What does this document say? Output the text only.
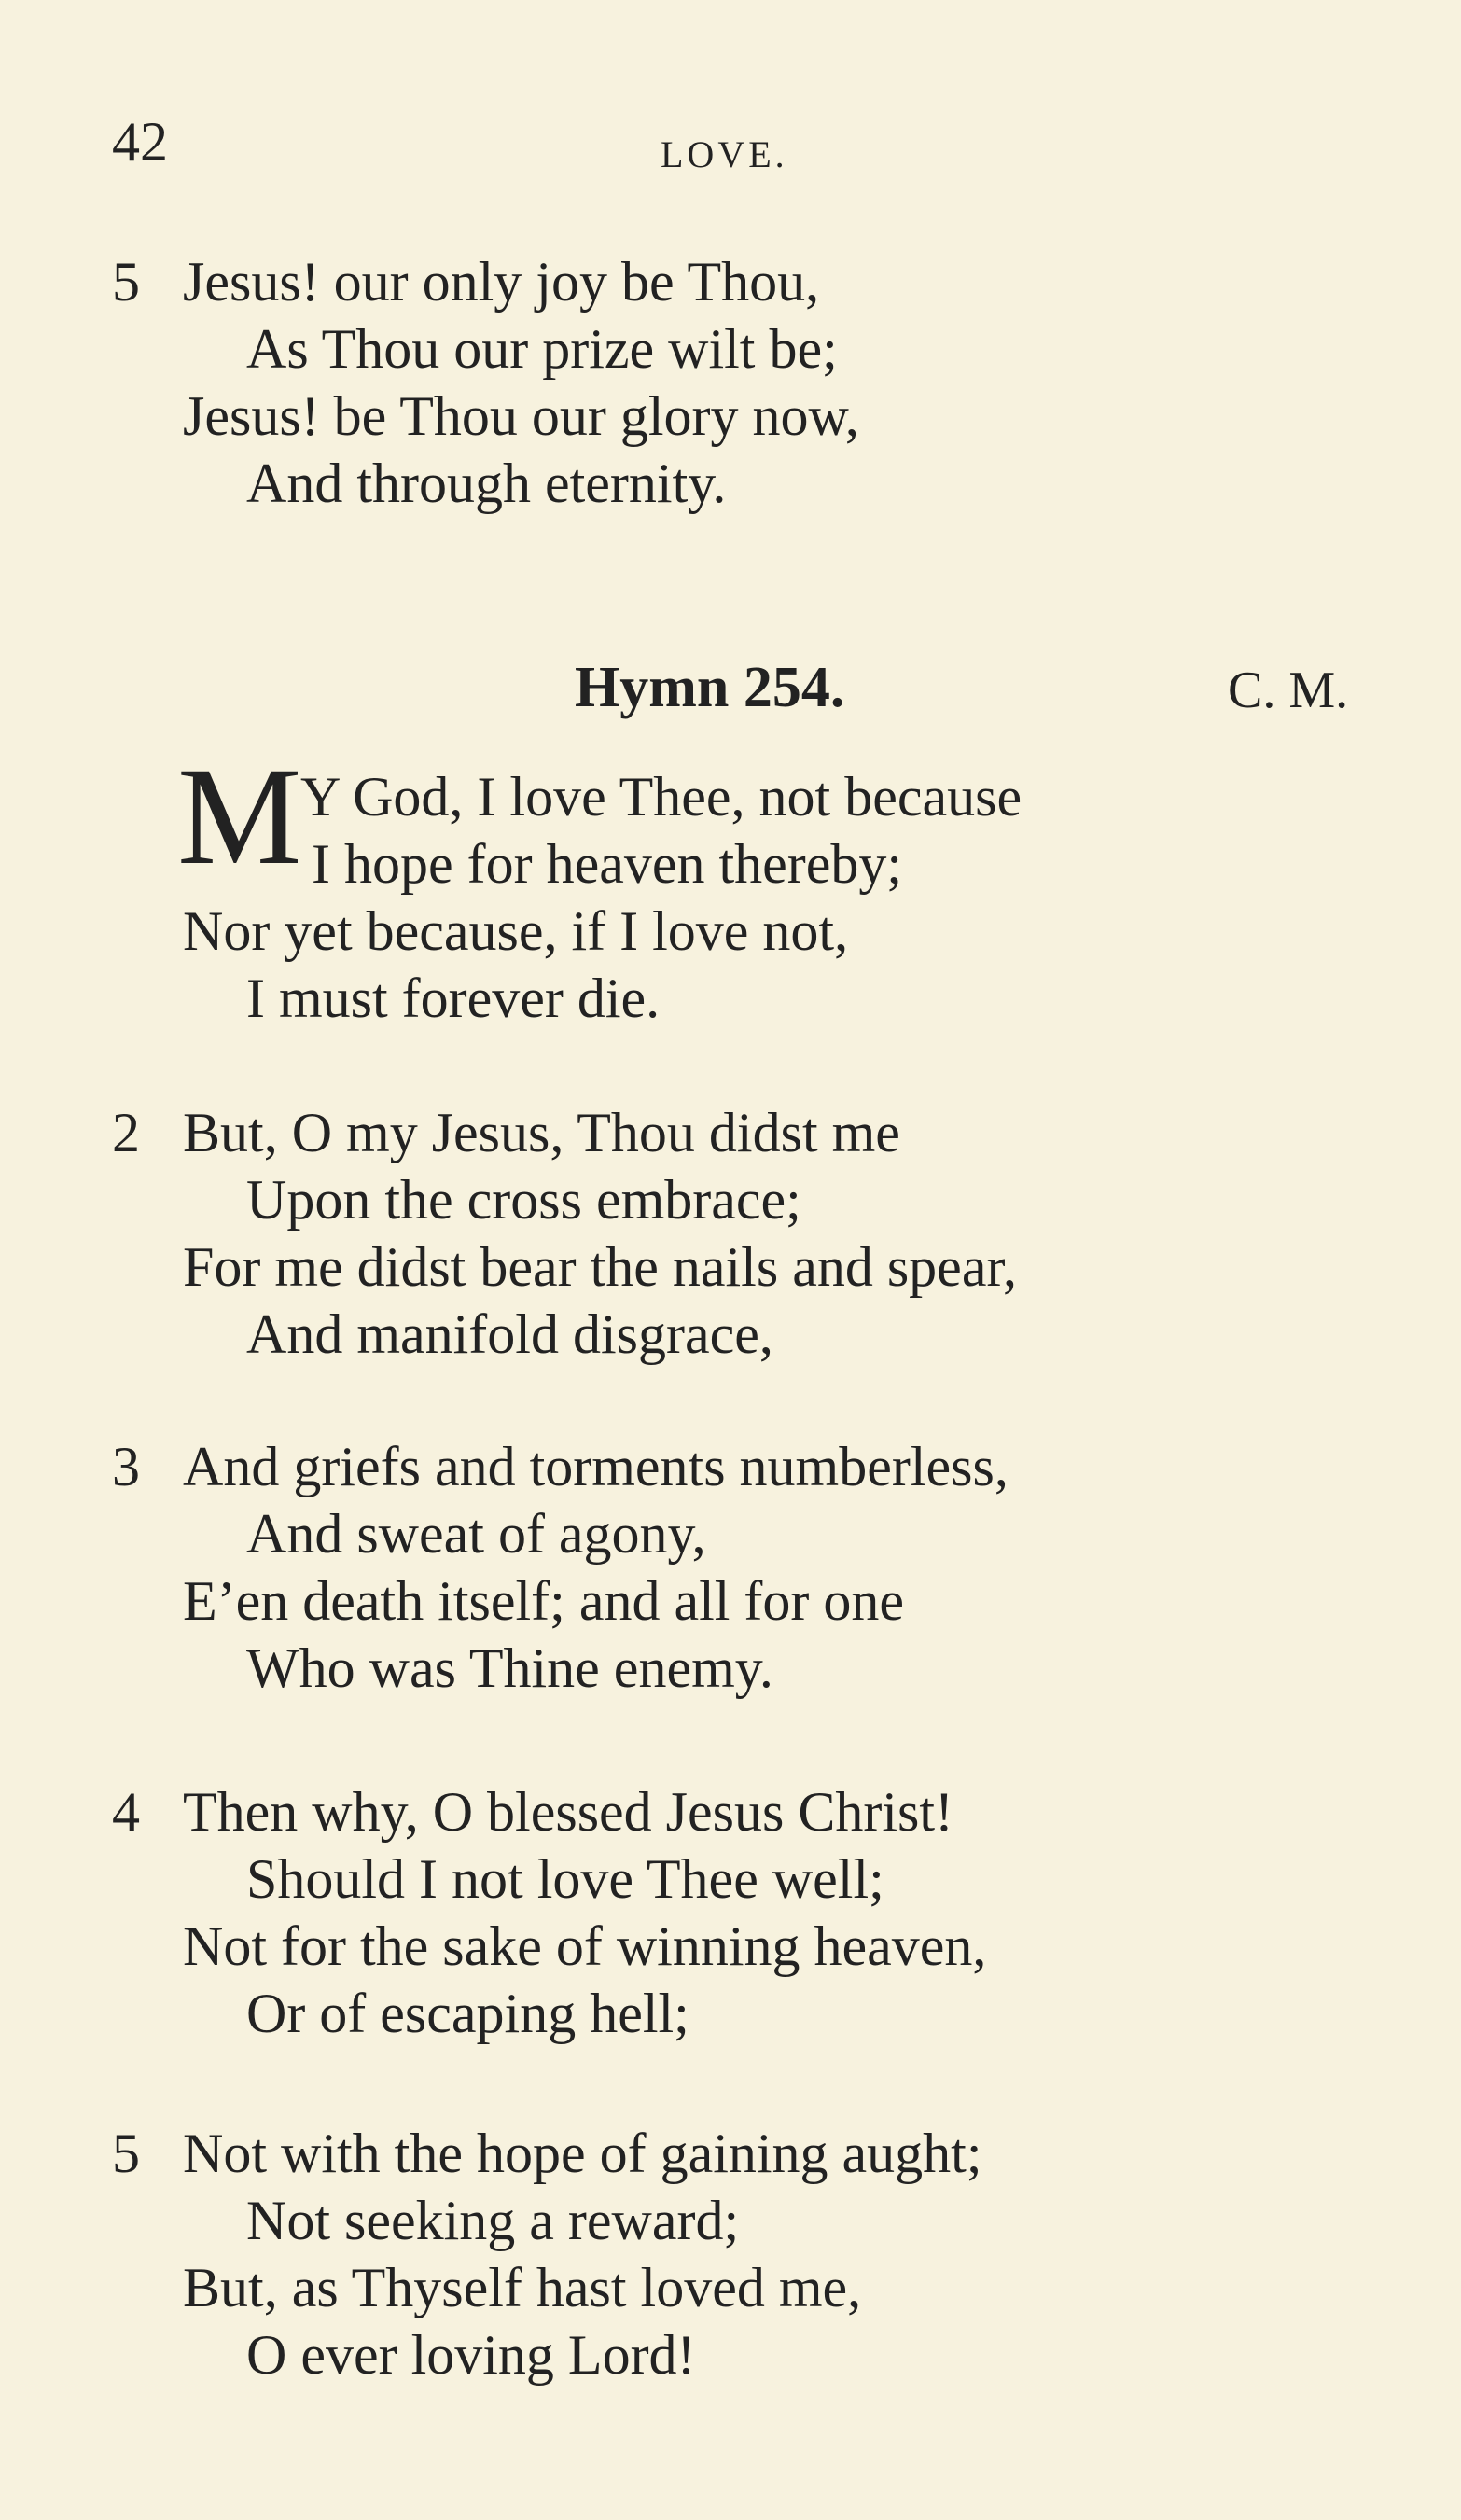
42	LOVE.
5 Jesus! our only joy be Thou,
As Thou our prize wilt be;
Jesus! be Thou our glory now,
And through eternity.
Hymn 254.	C. M.
M
Y God, I love Thee, not because
I hope for heaven thereby;
Nor yet because, if I love not,
I must forever die.
2 But, O my Jesus, Thou didst me
Upon the cross embrace;
For me didst bear the nails and spear,
And manifold disgrace,
3 And griefs and torments numberless,
And sweat of agony,
E’en death itself; and all for one
Who was Thine enemy.
4 Then why, O blessed Jesus Christ!
Should I not love Thee well;
Not for the sake of winning heaven,
Or of escaping hell;
5 Not with the hope of gaining aught;
Not seeking a reward;
But, as Thyself hast loved me,
O ever loving Lord!
